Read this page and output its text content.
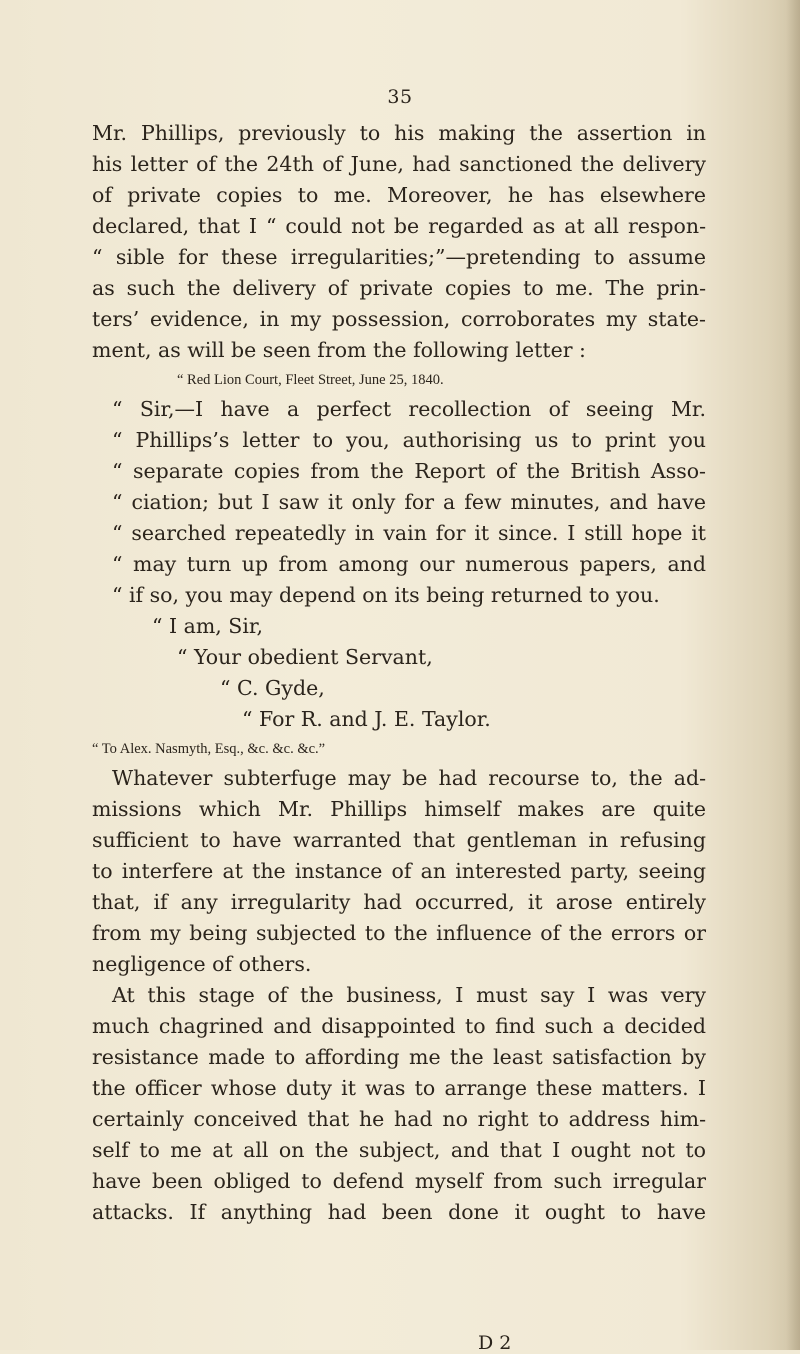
35
Mr. Phillips, previously to his making the assertion in
his letter of the 24th of June, had sanctioned the delivery
of private copies to me. Moreover, he has elsewhere
declared, that I “ could not be regarded as at all respon-
“ sible for these irregularities;”—pretending to assume
as such the delivery of private copies to me. The prin-
ters’ evidence, in my possession, corroborates my state-
ment, as will be seen from the following letter :
“ Red Lion Court, Fleet Street, June 25, 1840.
“ Sir,—I have a perfect recollection of seeing Mr.
“ Phillips’s letter to you, authorising us to print you
“ separate copies from the Report of the British Asso-
“ ciation; but I saw it only for a few minutes, and have
“ searched repeatedly in vain for it since. I still hope it
“ may turn up from among our numerous papers, and
“ if so, you may depend on its being returned to you.
“ I am, Sir,
“ Your obedient Servant,
“ C. Gyde,
“ For R. and J. E. Taylor.
“ To Alex. Nasmyth, Esq., &c. &c. &c.”
Whatever subterfuge may be had recourse to, the ad-
missions which Mr. Phillips himself makes are quite
sufficient to have warranted that gentleman in refusing
to interfere at the instance of an interested party, seeing
that, if any irregularity had occurred, it arose entirely
from my being subjected to the influence of the errors or
negligence of others.
At this stage of the business, I must say I was very
much chagrined and disappointed to find such a decided
resistance made to affording me the least satisfaction by
the officer whose duty it was to arrange these matters. I
certainly conceived that he had no right to address him-
self to me at all on the subject, and that I ought not to
have been obliged to defend myself from such irregular
attacks. If anything had been done it ought to have
D 2
